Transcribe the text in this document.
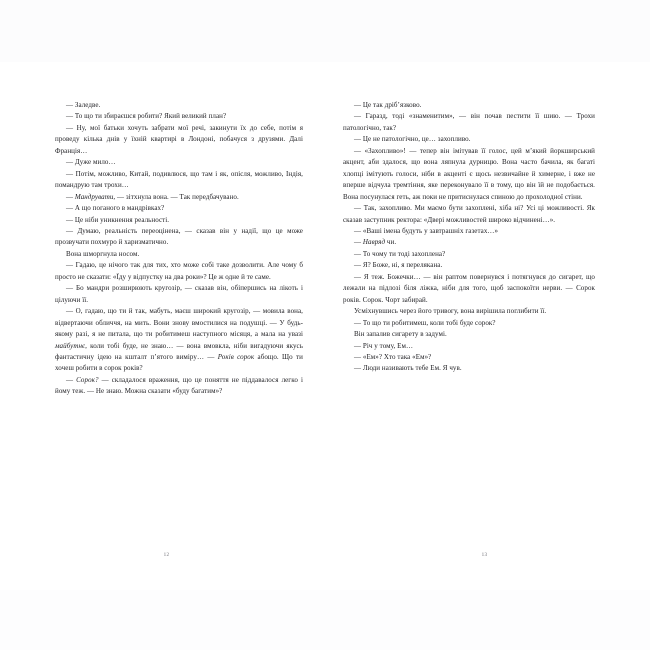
— Заледве.

— То що ти збираєшся робити? Який великий план?

— Ну, мої батьки хочуть забрати мої речі, закинути їх до себе, потім я проведу кілька днів у їхній квартирі в Лондоні, побачуся з друзями. Далі Франція…

— Дуже мило…

— Потім, можливо, Китай, подивлюся, що там і як, опісля, можливо, Індія, помандрую там трохи…

— Мандрувати, — зітхнула вона. — Так передбачувано.

— А що поганого в мандрівках?

— Це ніби уникнення реальності.

— Думаю, реальність переоцінена, — сказав він у надії, що це може прозвучати похмуро й харизматично.

Вона шморгнула носом.

— Гадаю, це нічого так для тих, хто може собі таке дозволити. Але чому б просто не сказати: «Їду у відпустку на два роки»? Це ж одне й те саме.

— Бо мандри розширюють кругозір, — сказав він, обіпершись на лікоть і цілуючи її.

— О, гадаю, що ти й так, мабуть, маєш широкий кругозір, — мовила вона, відвертаючи обличчя, на мить. Вони знову вмостилися на подушці. — У будь-якому разі, я не питала, що ти робитимеш наступного місяця, а мала на увазі майбутнє, коли тобі буде, не знаю… — вона вмовкла, ніби вигадуючи якусь фантастичну ідею на кшталт п’ятого виміру… — Років сорок абощо. Що ти хочеш робити в сорок років?

— Сорок? — складалося враження, що це поняття не піддавалося легко і йому теж. — Не знаю. Можна сказати «буду багатим»?

12

— Це так дріб’язково.

— Гаразд, тоді «знаменитим», — він почав пестити її шию. — Трохи патологічно, так?

— Це не патологічно, це… захопливо.

— «Захопливо»! — тепер він імітував її голос, цей м’який йоркширський акцент, аби здалося, що вона ляпнула дурницю. Вона часто бачила, як багаті хлопці імітують голоси, ніби в акценті є щось незвичайне й химерне, і вже не вперше відчула тремтіння, яке переконувало її в тому, що він їй не подобається. Вона посунулася геть, аж поки не притиснулася спиною до прохолодної стіни.

— Так, захопливо. Ми маємо бути захоплені, хіба ні? Усі ці можливості. Як сказав заступник ректора: «Двері можливостей широко відчинені…».

— «Ваші імена будуть у завтрашніх газетах…»

— Навряд чи.

— То чому ти тоді захоплена?

— Я? Боже, ні, я перелякана.

— Я теж. Божечки… — він раптом повернувся і потягнувся до сигарет, що лежали на підлозі біля ліжка, ніби для того, щоб заспокоїти нерви. — Сорок років. Сорок. Чорт забирай.

Усміхнувшись через його тривогу, вона вирішила поглибити її.

— То що ти робитимеш, коли тобі буде сорок?

Він запалив сигарету в задумі.

— Річ у тому, Ем…

— «Ем»? Хто така «Ем»?

— Люди називають тебе Ем. Я чув.

13
